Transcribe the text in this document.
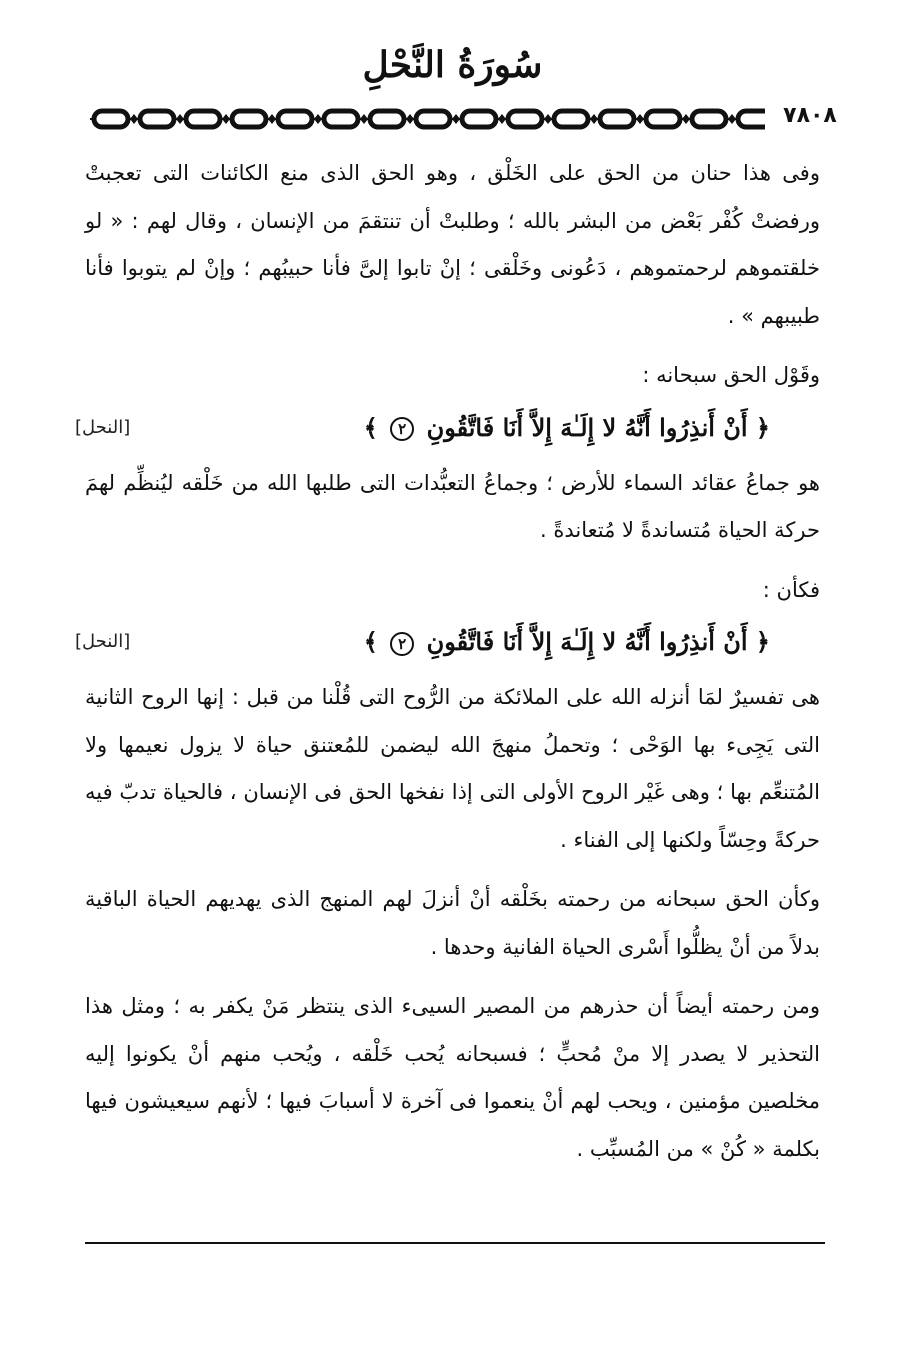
سُورَةُ النَّحْلِ
٧٨٠٨

وفى هذا حنان من الحق على الخَلْق ، وهو الحق الذى منع الكائنات التى تعجبتْ ورفضتْ كُفْر بَعْض من البشر بالله ؛ وطلبتْ أن تنتقمَ من الإنسان ، وقال لهم : « لو خلقتموهم لرحمتموهم ، دَعُونى وخَلْقى ؛ إنْ تابوا إلىَّ فأنا حبيبُهم ؛ وإنْ لم يتوبوا فأنا طبيبهم » .

وقَوْل الحق سبحانه :

﴿ أَنْ أَنذِرُوا أَنَّهُ لا إِلَـٰهَ إِلاَّ أَنَا فَاتَّقُونِ ٢ ﴾
[النحل]

هو جماعُ عقائد السماء للأرض ؛ وجماعُ التعبُّدات التى طلبها الله من خَلْقه ليُنظِّم لهمَ حركة الحياة مُتساندةً لا مُتعاندةً .

فكأن :

﴿ أَنْ أَنذِرُوا أَنَّهُ لا إِلَـٰهَ إِلاَّ أَنَا فَاتَّقُونِ ٢ ﴾
[النحل]

هى تفسيرٌ لمَا أنزله الله على الملائكة من الرُّوح التى قُلْنا من قبل : إنها الروح الثانية التى يَجِىء بها الوَحْى ؛ وتحملُ منهجَ الله ليضمن للمُعتنق حياة لا يزول نعيمها ولا المُتنعِّم بها ؛ وهى غَيْر الروح الأولى التى إذا نفخها الحق فى الإنسان ، فالحياة تدبّ فيه حركةً وحِسّاً ولكنها إلى الفناء .

وكأن الحق سبحانه من رحمته بخَلْقه أنْ أنزلَ لهم المنهج الذى يهديهم الحياة الباقية بدلاً من أنْ يظلُّوا أَسْرى الحياة الفانية وحدها .

ومن رحمته أيضاً أن حذرهم من المصير السيىء الذى ينتظر مَنْ يكفر به ؛ ومثل هذا التحذير لا يصدر إلا منْ مُحبٍّ ؛ فسبحانه يُحب خَلْقه ، ويُحب منهم أنْ يكونوا إليه مخلصين مؤمنين ، ويحب لهم أنْ ينعموا فى آخرة لا أسبابَ فيها ؛ لأنهم سيعيشون فيها بكلمة « كُنْ » من المُسبِّب .
